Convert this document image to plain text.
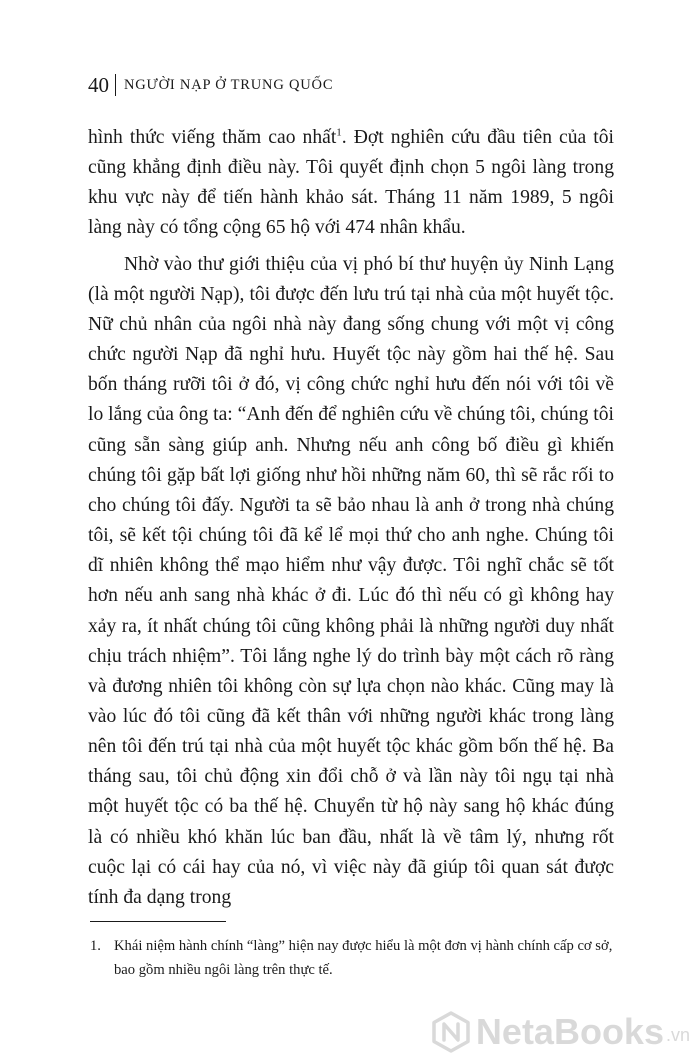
40 NGƯỜI NẠP Ở TRUNG QUỐC

hình thức viếng thăm cao nhất$^1$. Đợt nghiên cứu đầu tiên của tôi cũng khẳng định điều này. Tôi quyết định chọn 5 ngôi làng trong khu vực này để tiến hành khảo sát. Tháng 11 năm 1989, 5 ngôi làng này có tổng cộng 65 hộ với 474 nhân khẩu.

Nhờ vào thư giới thiệu của vị phó bí thư huyện ủy Ninh Lạng (là một người Nạp), tôi được đến lưu trú tại nhà của một huyết tộc. Nữ chủ nhân của ngôi nhà này đang sống chung với một vị công chức người Nạp đã nghỉ hưu. Huyết tộc này gồm hai thế hệ. Sau bốn tháng rưỡi tôi ở đó, vị công chức nghỉ hưu đến nói với tôi về lo lắng của ông ta: “Anh đến để nghiên cứu về chúng tôi, chúng tôi cũng sẵn sàng giúp anh. Nhưng nếu anh công bố điều gì khiến chúng tôi gặp bất lợi giống như hồi những năm 60, thì sẽ rắc rối to cho chúng tôi đấy. Người ta sẽ bảo nhau là anh ở trong nhà chúng tôi, sẽ kết tội chúng tôi đã kể lể mọi thứ cho anh nghe. Chúng tôi dĩ nhiên không thể mạo hiểm như vậy được. Tôi nghĩ chắc sẽ tốt hơn nếu anh sang nhà khác ở đi. Lúc đó thì nếu có gì không hay xảy ra, ít nhất chúng tôi cũng không phải là những người duy nhất chịu trách nhiệm”. Tôi lắng nghe lý do trình bày một cách rõ ràng và đương nhiên tôi không còn sự lựa chọn nào khác. Cũng may là vào lúc đó tôi cũng đã kết thân với những người khác trong làng nên tôi đến trú tại nhà của một huyết tộc khác gồm bốn thế hệ. Ba tháng sau, tôi chủ động xin đổi chỗ ở và lần này tôi ngụ tại nhà một huyết tộc có ba thế hệ. Chuyển từ hộ này sang hộ khác đúng là có nhiều khó khăn lúc ban đầu, nhất là về tâm lý, nhưng rốt cuộc lại có cái hay của nó, vì việc này đã giúp tôi quan sát được tính đa dạng trong

1. Khái niệm hành chính “làng” hiện nay được hiểu là một đơn vị hành chính cấp cơ sở, bao gồm nhiều ngôi làng trên thực tế.
NetaBooks .vn
